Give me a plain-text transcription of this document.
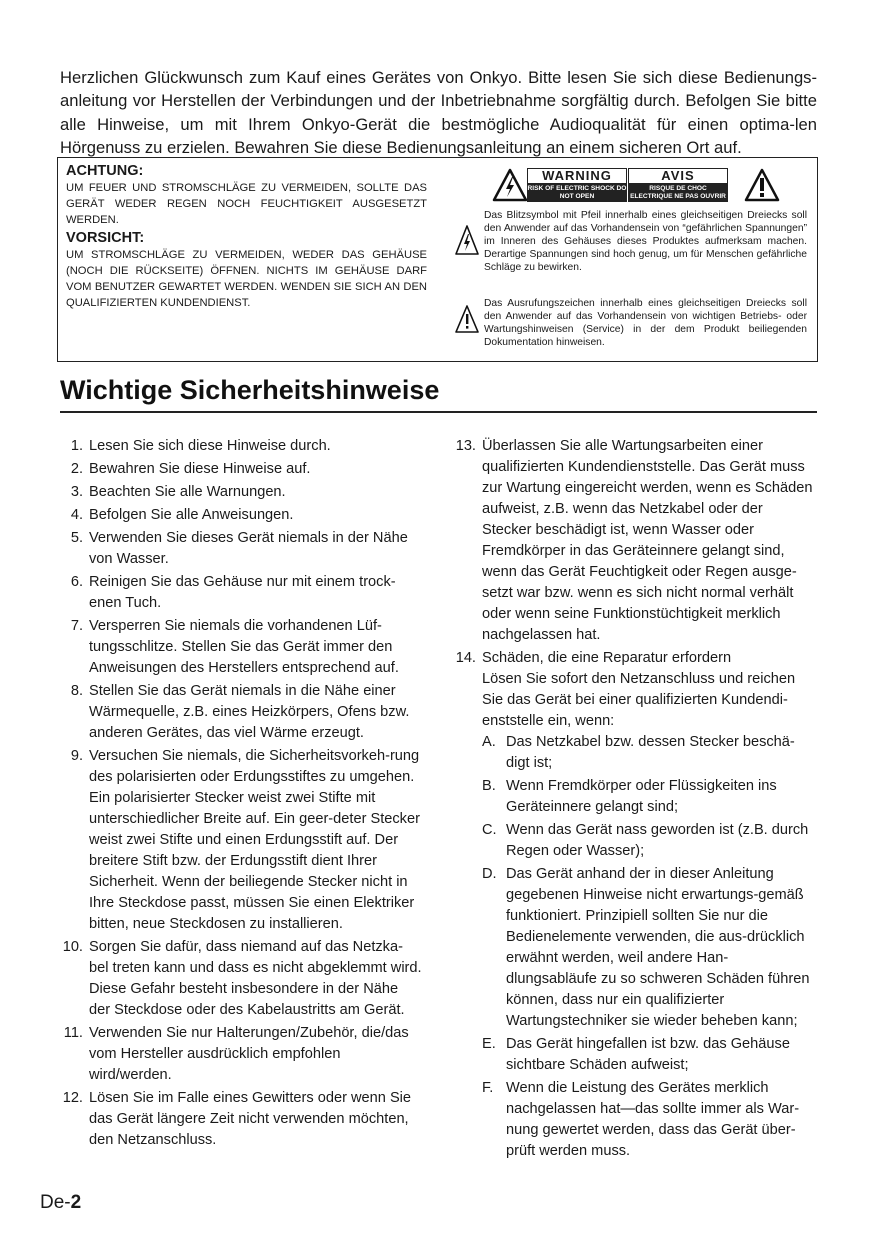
Herzlichen Glückwunsch zum Kauf eines Gerätes von Onkyo. Bitte lesen Sie sich diese Bedienungs-anleitung vor Herstellen der Verbindungen und der Inbetriebnahme sorgfältig durch. Befolgen Sie bitte alle Hinweise, um mit Ihrem Onkyo-Gerät die bestmögliche Audioqualität für einen optima-len Hörgenuss zu erzielen. Bewahren Sie diese Bedienungsanleitung an einem sicheren Ort auf.

ACHTUNG:

UM FEUER UND STROMSCHLÄGE ZU VERMEIDEN, SOLLTE DAS GERÄT WEDER REGEN NOCH FEUCHTIGKEIT AUSGESETZT WERDEN.

VORSICHT:

UM STROMSCHLÄGE ZU VERMEIDEN, WEDER DAS GEHÄUSE (NOCH DIE RÜCKSEITE) ÖFFNEN. NICHTS IM GEHÄUSE DARF VOM BENUTZER GEWARTET WERDEN. WENDEN SIE SICH AN DEN QUALIFIZIERTEN KUNDENDIENST.

WARNING
RISK OF ELECTRIC SHOCK DO NOT OPEN
AVIS
RISQUE DE CHOC ELECTRIQUE NE PAS OUVRIR

Das Blitzsymbol mit Pfeil innerhalb eines gleichseitigen Dreiecks soll den Anwender auf das Vorhandensein von “gefährlichen Spannungen” im Inneren des Gehäuses dieses Produktes aufmerksam machen. Derartige Spannungen sind hoch genug, um für Menschen gefährliche Schläge zu bewirken.

Das Ausrufungszeichen innerhalb eines gleichseitigen Dreiecks soll den Anwender auf das Vorhandensein von wichtigen Betriebs- oder Wartungshinweisen (Service) in der dem Produkt beiliegenden Dokumentation hinweisen.

Wichtige Sicherheitshinweise
1. Lesen Sie sich diese Hinweise durch.
2. Bewahren Sie diese Hinweise auf.
3. Beachten Sie alle Warnungen.
4. Befolgen Sie alle Anweisungen.
5. Verwenden Sie dieses Gerät niemals in der Nähe von Wasser.
6. Reinigen Sie das Gehäuse nur mit einem trock-enen Tuch.
7. Versperren Sie niemals die vorhandenen Lüf-tungsschlitze. Stellen Sie das Gerät immer den Anweisungen des Herstellers entsprechend auf.
8. Stellen Sie das Gerät niemals in die Nähe einer Wärmequelle, z.B. eines Heizkörpers, Ofens bzw. anderen Gerätes, das viel Wärme erzeugt.
9. Versuchen Sie niemals, die Sicherheitsvorkeh-rung des polarisierten oder Erdungsstiftes zu umgehen. Ein polarisierter Stecker weist zwei Stifte mit unterschiedlicher Breite auf. Ein geer-deter Stecker weist zwei Stifte und einen Erdungsstift auf. Der breitere Stift bzw. der Erdungsstift dient Ihrer Sicherheit. Wenn der beiliegende Stecker nicht in Ihre Steckdose passt, müssen Sie einen Elektriker bitten, neue Steckdosen zu installieren.
10. Sorgen Sie dafür, dass niemand auf das Netzka-bel treten kann und dass es nicht abgeklemmt wird. Diese Gefahr besteht insbesondere in der Nähe der Steckdose oder des Kabelaustritts am Gerät.
11. Verwenden Sie nur Halterungen/Zubehör, die/das vom Hersteller ausdrücklich empfohlen wird/werden.
12. Lösen Sie im Falle eines Gewitters oder wenn Sie das Gerät längere Zeit nicht verwenden möchten, den Netzanschluss.
13. Überlassen Sie alle Wartungsarbeiten einer qualifizierten Kundendienststelle. Das Gerät muss zur Wartung eingereicht werden, wenn es Schäden aufweist, z.B. wenn das Netzkabel oder der Stecker beschädigt ist, wenn Wasser oder Fremdkörper in das Geräteinnere gelangt sind, wenn das Gerät Feuchtigkeit oder Regen ausge-setzt war bzw. wenn es sich nicht normal verhält oder wenn seine Funktionstüchtigkeit merklich nachgelassen hat.
14. Schäden, die eine Reparatur erfordern
Lösen Sie sofort den Netzanschluss und reichen Sie das Gerät bei einer qualifizierten Kundendi-enststelle ein, wenn:
A. Das Netzkabel bzw. dessen Stecker beschä-digt ist;
B. Wenn Fremdkörper oder Flüssigkeiten ins Geräteinnere gelangt sind;
C. Wenn das Gerät nass geworden ist (z.B. durch Regen oder Wasser);
D. Das Gerät anhand der in dieser Anleitung gegebenen Hinweise nicht erwartungs-gemäß funktioniert. Prinzipiell sollten Sie nur die Bedienelemente verwenden, die aus-drücklich erwähnt werden, weil andere Han-dlungsabläufe zu so schweren Schäden führen können, dass nur ein qualifizierter Wartungstechniker sie wieder beheben kann;
E. Das Gerät hingefallen ist bzw. das Gehäuse sichtbare Schäden aufweist;
F. Wenn die Leistung des Gerätes merklich nachgelassen hat—das sollte immer als War-nung gewertet werden, dass das Gerät über-prüft werden muss.
De-2
